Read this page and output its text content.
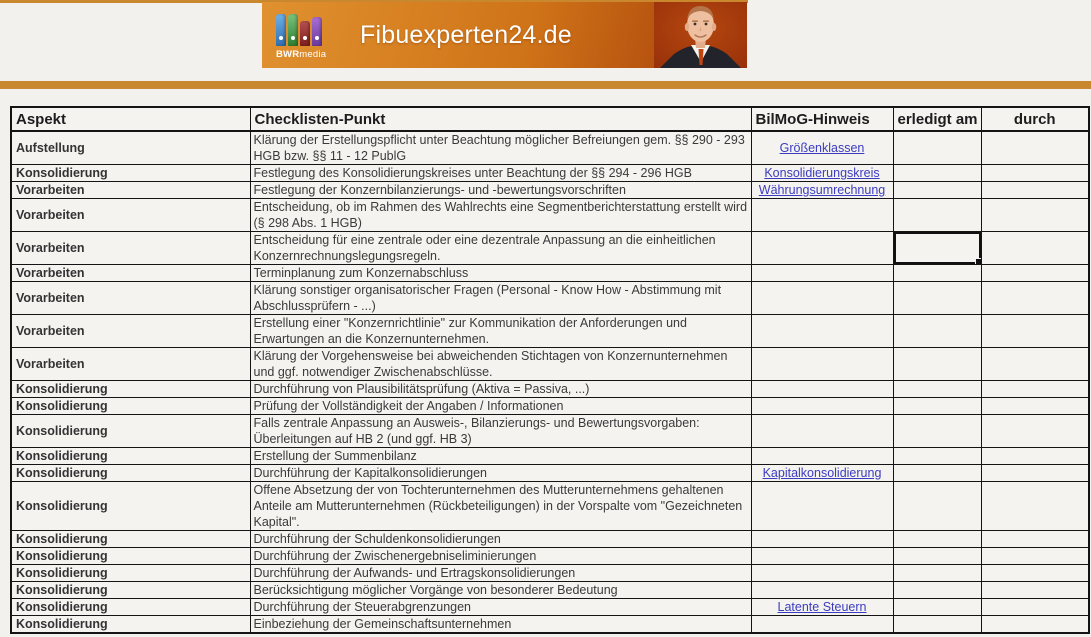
BWRmedia
Fibuexperten24.de
Aspekt	Checklisten-Punkt	BilMoG-Hinweis	erledigt am	durch
Aufstellung	Klärung der Erstellungspflicht unter Beachtung möglicher Befreiungen gem. §§ 290 - 293 HGB bzw. §§ 11 - 12 PublG	Größenklassen		
Konsolidierung	Festlegung des Konsolidierungskreises unter Beachtung der §§ 294 - 296 HGB	Konsolidierungskreis		
Vorarbeiten	Festlegung der Konzernbilanzierungs- und -bewertungsvorschriften	Währungsumrechnung		
Vorarbeiten	Entscheidung, ob im Rahmen des Wahlrechts eine Segmentberichterstattung erstellt wird (§ 298 Abs. 1 HGB)			
Vorarbeiten	Entscheidung für eine zentrale oder eine dezentrale Anpassung an die einheitlichen Konzernrechnungslegungsregeln.		

Vorarbeiten	Terminplanung zum Konzernabschluss			
Vorarbeiten	Klärung sonstiger organisatorischer Fragen (Personal - Know How - Abstimmung mit Abschlussprüfern - ...)			
Vorarbeiten	Erstellung einer "Konzernrichtlinie" zur Kommunikation der Anforderungen und Erwartungen an die Konzernunternehmen.			
Vorarbeiten	Klärung der Vorgehensweise bei abweichenden Stichtagen von Konzernunternehmen und ggf. notwendiger Zwischenabschlüsse.			
Konsolidierung	Durchführung von Plausibilitätsprüfung (Aktiva = Passiva, ...)			
Konsolidierung	Prüfung der Vollständigkeit der Angaben / Informationen			
Konsolidierung	Falls zentrale Anpassung an Ausweis-, Bilanzierungs- und Bewertungsvorgaben: Überleitungen auf HB 2 (und ggf. HB 3)			
Konsolidierung	Erstellung der Summenbilanz			
Konsolidierung	Durchführung der Kapitalkonsolidierungen	Kapitalkonsolidierung		
Konsolidierung	Offene Absetzung der von Tochterunternehmen des Mutterunternehmens gehaltenen Anteile am Mutterunternehmen (Rückbeteiligungen) in der Vorspalte vom "Gezeichneten Kapital".			
Konsolidierung	Durchführung der Schuldenkonsolidierungen			
Konsolidierung	Durchführung der Zwischenergebniseliminierungen			
Konsolidierung	Durchführung der Aufwands- und Ertragskonsolidierungen			
Konsolidierung	Berücksichtigung möglicher Vorgänge von besonderer Bedeutung			
Konsolidierung	Durchführung der Steuerabgrenzungen	Latente Steuern		
Konsolidierung	Einbeziehung der Gemeinschaftsunternehmen			
